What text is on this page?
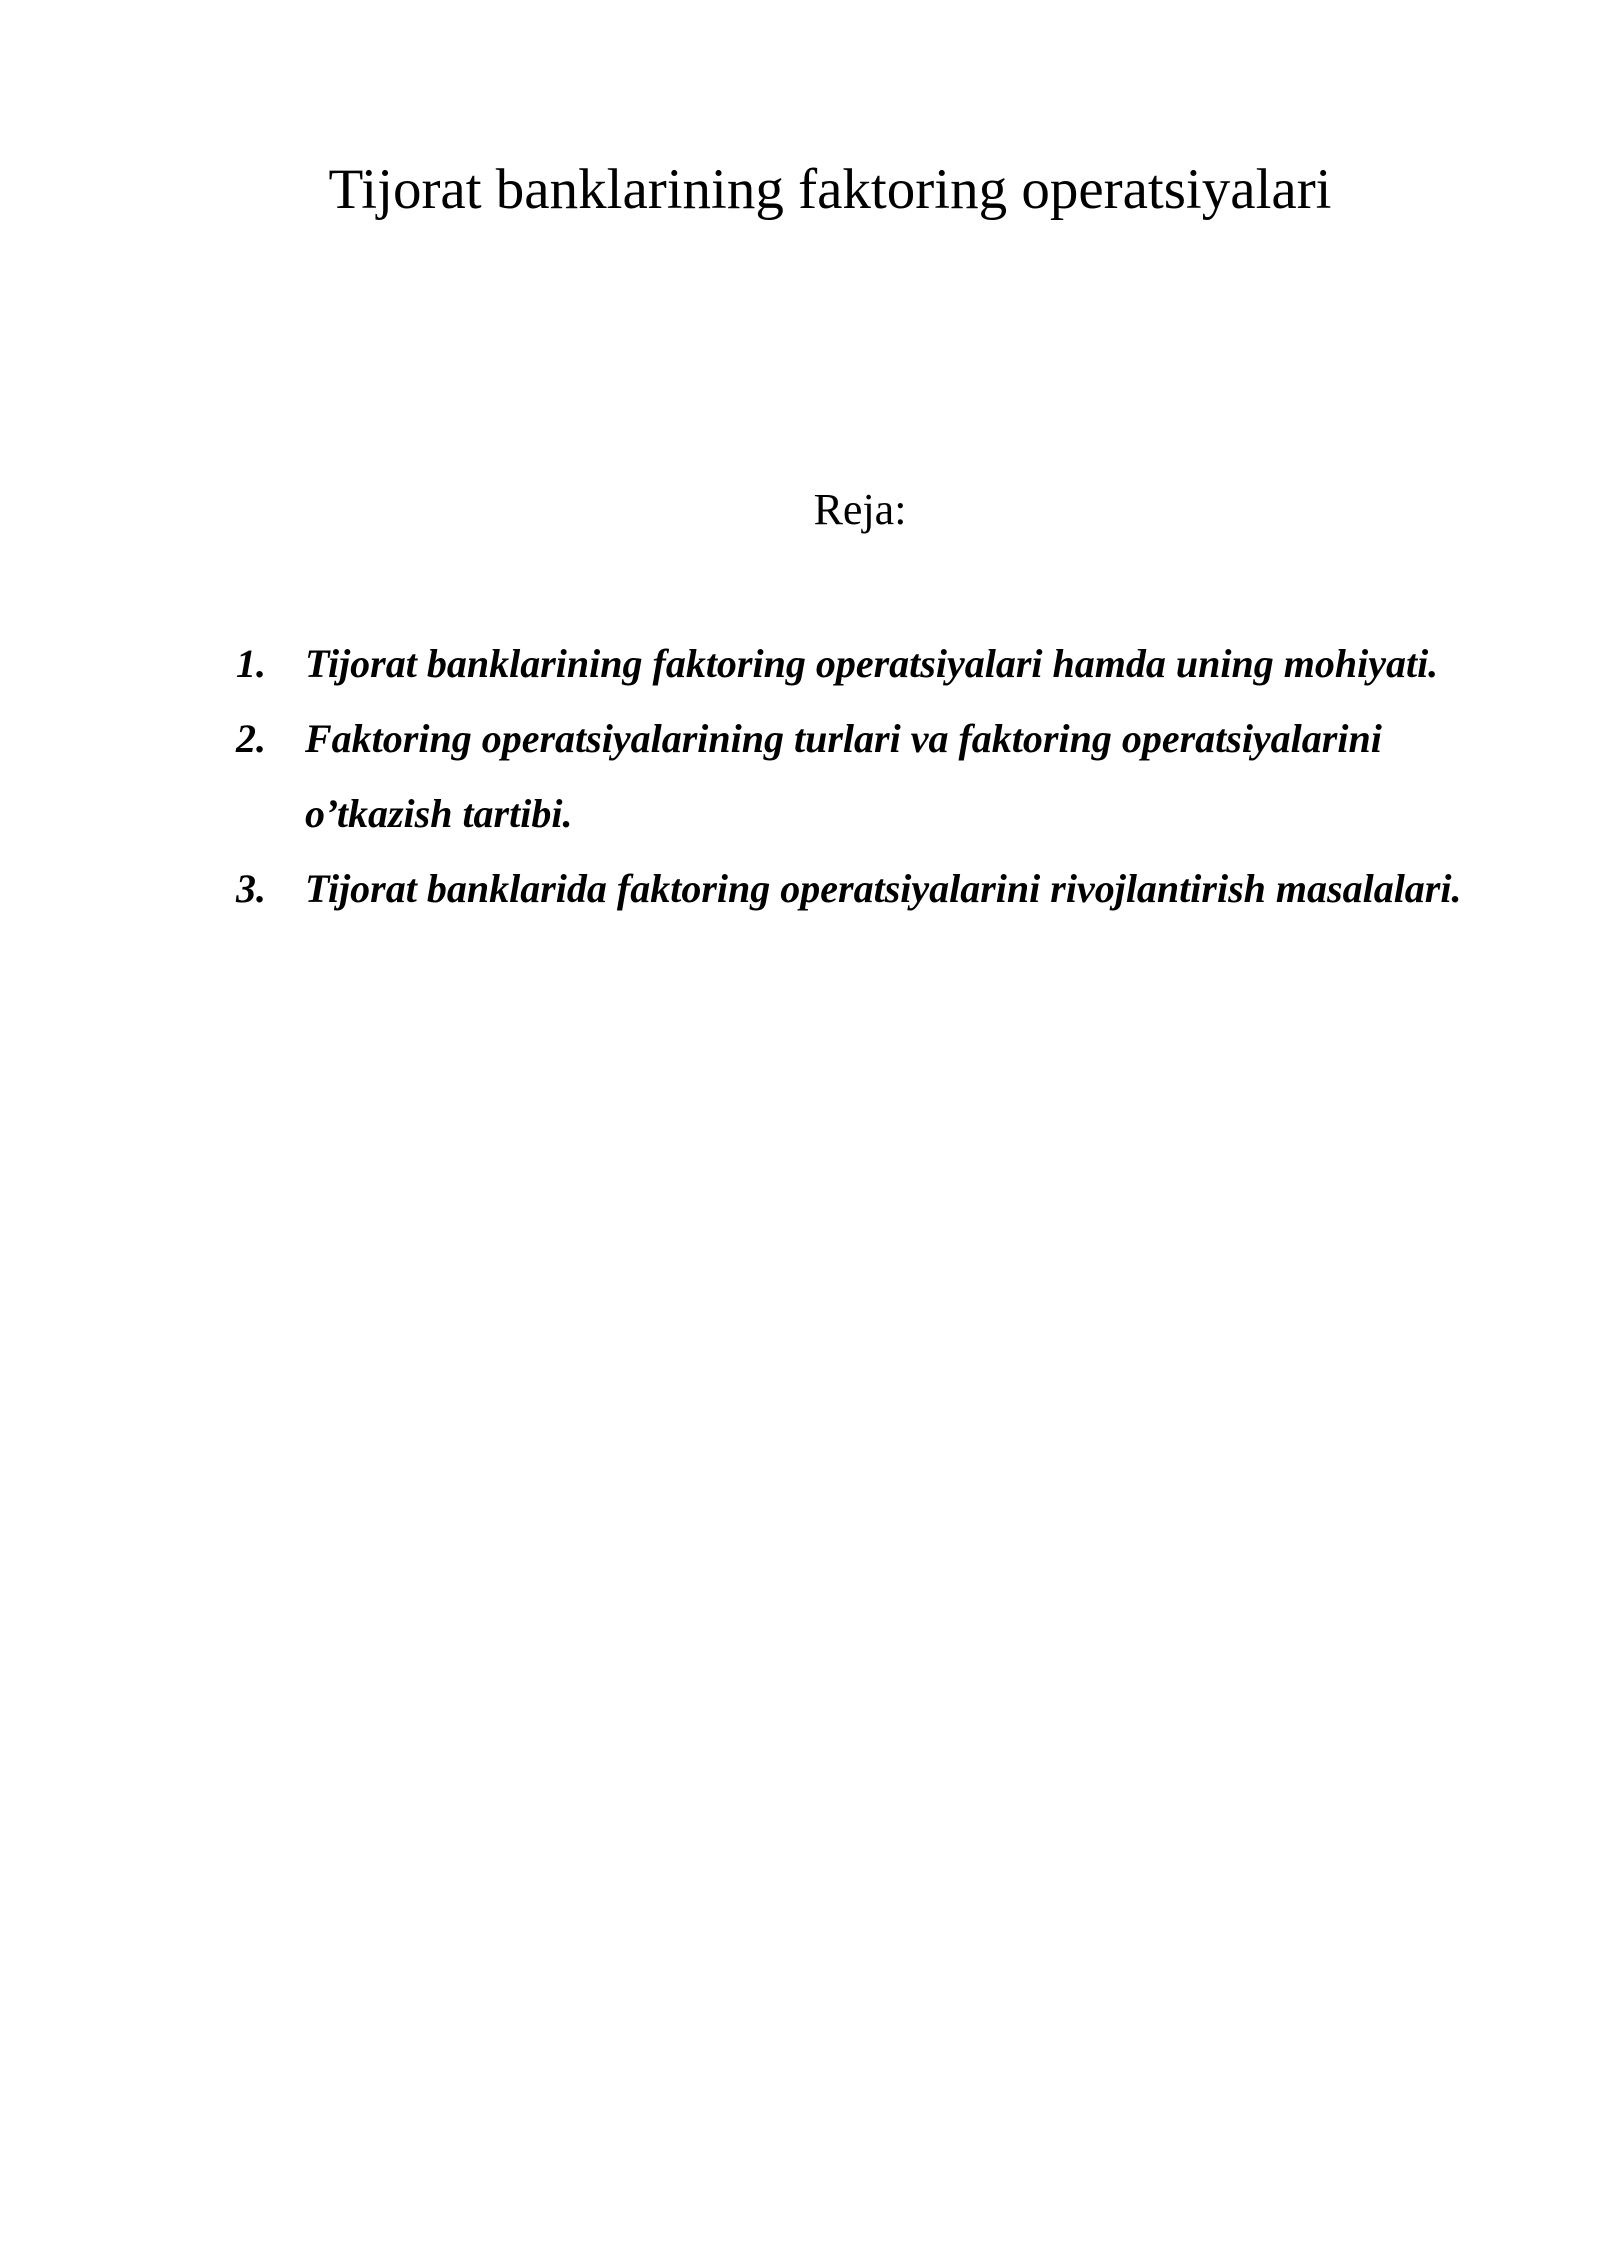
Tijorat banklarining faktoring operatsiyalari

Reja:

1. Tijorat banklarining faktoring operatsiyalari hamda uning mohiyati.
2. Faktoring operatsiyalarining turlari va faktoring operatsiyalarini o’tkazish tartibi.
3. Tijorat banklarida faktoring operatsiyalarini rivojlantirish masalalari.
